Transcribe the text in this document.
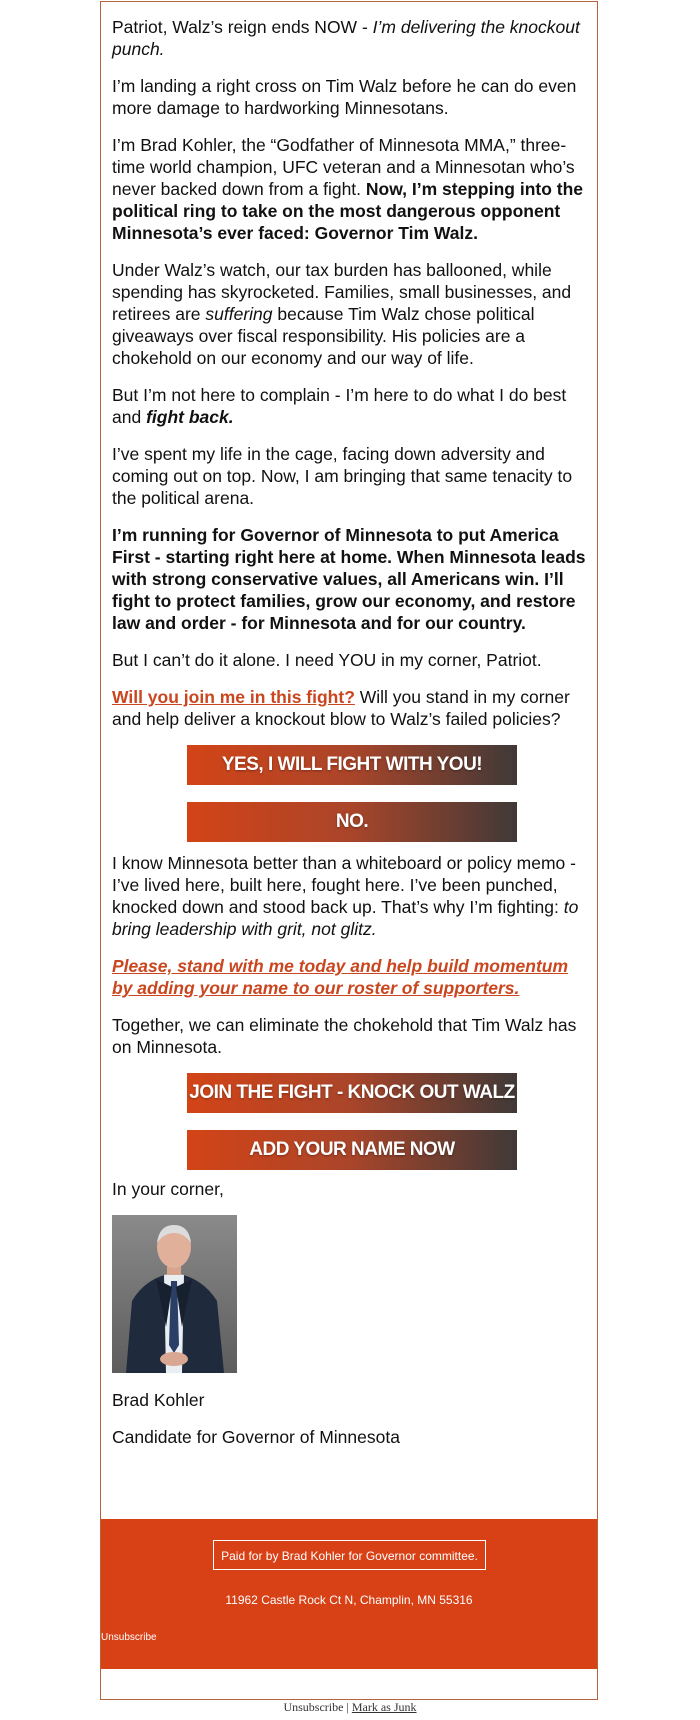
Patriot, Walz’s reign ends NOW - I’m delivering the knockout punch.

I’m landing a right cross on Tim Walz before he can do even more damage to hardworking Minnesotans.

I’m Brad Kohler, the “Godfather of Minnesota MMA,” three-time world champion, UFC veteran and a Minnesotan who’s never backed down from a fight. Now, I’m stepping into the political ring to take on the most dangerous opponent Minnesota’s ever faced: Governor Tim Walz.

Under Walz’s watch, our tax burden has ballooned, while spending has skyrocketed. Families, small businesses, and retirees are suffering because Tim Walz chose political giveaways over fiscal responsibility. His policies are a chokehold on our economy and our way of life.

But I’m not here to complain - I’m here to do what I do best and fight back.

I’ve spent my life in the cage, facing down adversity and coming out on top. Now, I am bringing that same tenacity to the political arena.

I’m running for Governor of Minnesota to put America First - starting right here at home. When Minnesota leads with strong conservative values, all Americans win. I’ll fight to protect families, grow our economy, and restore law and order - for Minnesota and for our country.

But I can’t do it alone. I need YOU in my corner, Patriot.

Will you join me in this fight? Will you stand in my corner and help deliver a knockout blow to Walz’s failed policies?

YES, I WILL FIGHT WITH YOU!
NO.

I know Minnesota better than a whiteboard or policy memo - I’ve lived here, built here, fought here. I’ve been punched, knocked down and stood back up. That’s why I’m fighting: to bring leadership with grit, not glitz.

Please, stand with me today and help build momentum by adding your name to our roster of supporters.

Together, we can eliminate the chokehold that Tim Walz has on Minnesota.

JOIN THE FIGHT - KNOCK OUT WALZ
ADD YOUR NAME NOW

In your corner,

Brad Kohler

Candidate for Governor of Minnesota

Paid for by Brad Kohler for Governor committee.
11962 Castle Rock Ct N, Champlin, MN 55316
Unsubscribe
Unsubscribe | Mark as Junk
